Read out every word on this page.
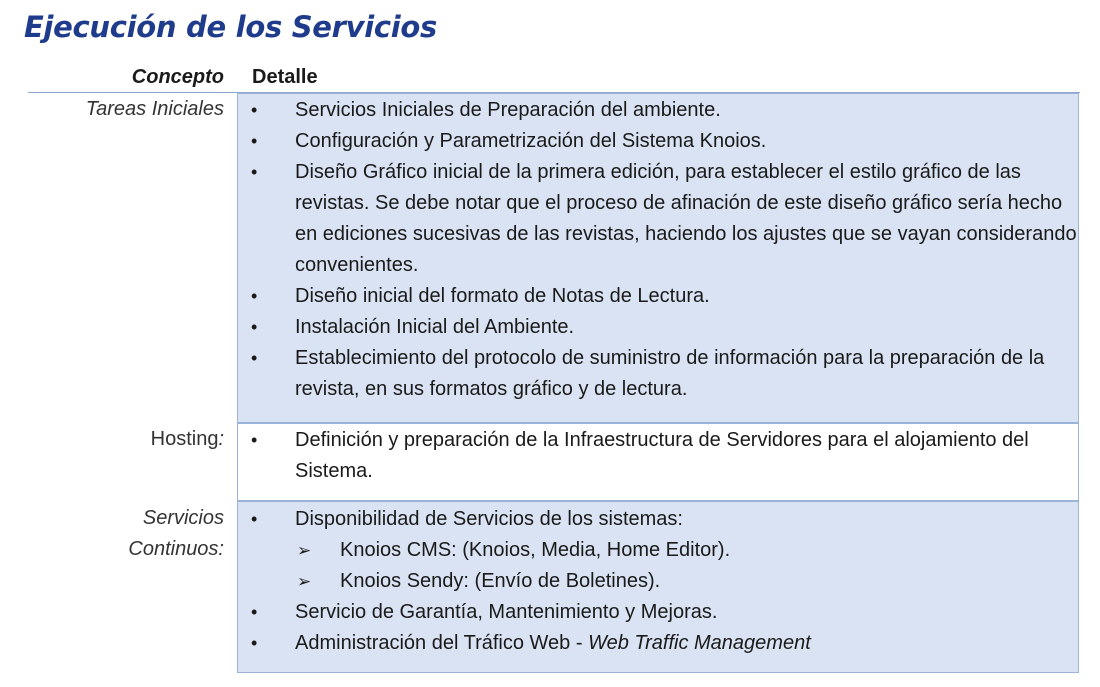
Ejecución de los Servicios
Concepto Detalle
Tareas Iniciales • Servicios Iniciales de Preparación del ambiente.
• Configuración y Parametrización del Sistema Knoios.
• Diseño Gráfico inicial de la primera edición, para establecer el estilo gráfico de las revistas. Se debe notar que el proceso de afinación de este diseño gráfico sería hecho en ediciones sucesivas de las revistas, haciendo los ajustes que se vayan considerando convenientes.
• Diseño inicial del formato de Notas de Lectura.
• Instalación Inicial del Ambiente.
• Establecimiento del protocolo de suministro de información para la preparación de la revista, en sus formatos gráfico y de lectura.
Hosting: • Definición y preparación de la Infraestructura de Servidores para el alojamiento del Sistema.
Servicios
Continuos:
• Disponibilidad de Servicios de los sistemas:
➢ Knoios CMS: (Knoios, Media, Home Editor).
➢ Knoios Sendy: (Envío de Boletines).
• Servicio de Garantía, Mantenimiento y Mejoras.
• Administración del Tráfico Web - Web Traffic Management
